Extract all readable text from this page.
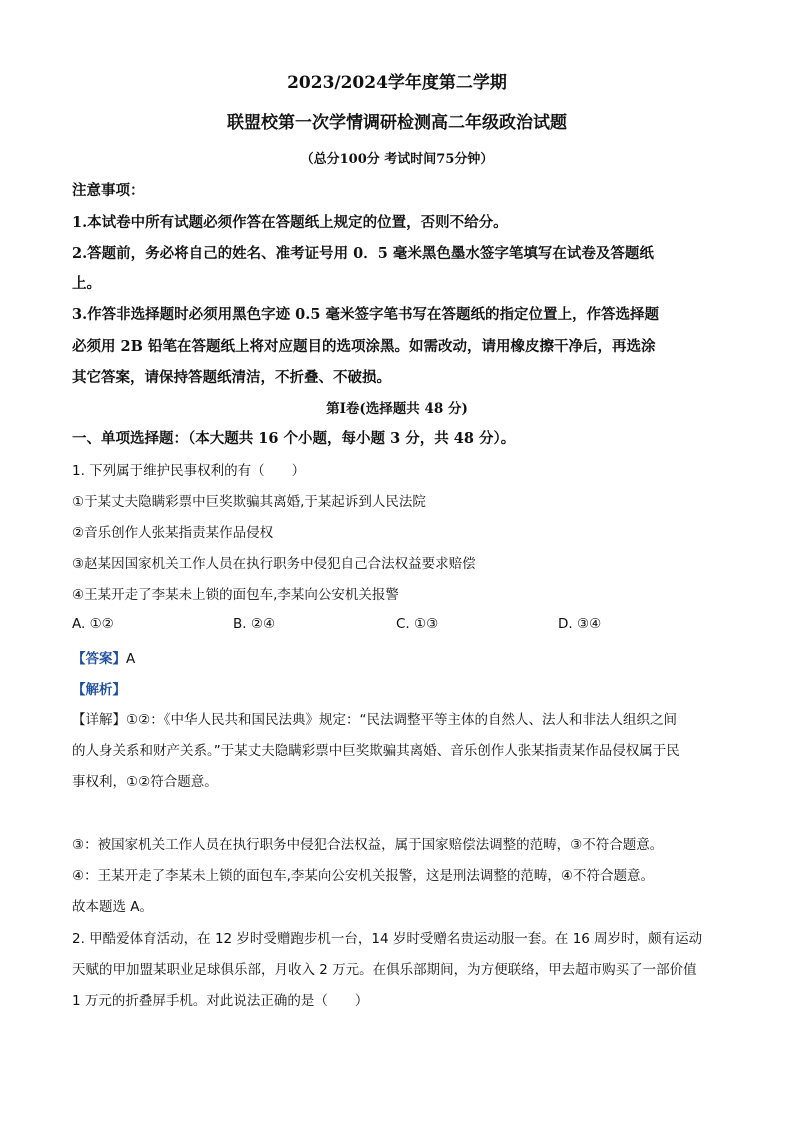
2023/2024学年度第二学期
联盟校第一次学情调研检测高二年级政治试题
（总分100分 考试时间75分钟）
注意事项：
1.本试卷中所有试题必须作答在答题纸上规定的位置，否则不给分。
2.答题前，务必将自己的姓名、准考证号用 0．5 毫米黑色墨水签字笔填写在试卷及答题纸
上。
3.作答非选择题时必须用黑色字迹 0.5 毫米签字笔书写在答题纸的指定位置上，作答选择题
必须用 2B 铅笔在答题纸上将对应题目的选项涂黑。如需改动，请用橡皮擦干净后，再选涂
其它答案，请保持答题纸清洁，不折叠、不破损。
第Ⅰ卷(选择题共 48 分)
一、单项选择题：（本大题共 16 个小题，每小题 3 分，共 48 分）。
1. 下列属于维护民事权利的有（　　）
①于某丈夫隐瞒彩票中巨奖欺骗其离婚,于某起诉到人民法院
②音乐创作人张某指责某作品侵权
③赵某因国家机关工作人员在执行职务中侵犯自己合法权益要求赔偿
④王某开走了李某未上锁的面包车,李某向公安机关报警
A. ①②	B. ②④	C. ①③	D. ③④
【答案】A
【解析】
【详解】①②：《中华人民共和国民法典》规定：“民法调整平等主体的自然人、法人和非法人组织之间
的人身关系和财产关系。”于某丈夫隐瞒彩票中巨奖欺骗其离婚、音乐创作人张某指责某作品侵权属于民
事权利，①②符合题意。
③：被国家机关工作人员在执行职务中侵犯合法权益，属于国家赔偿法调整的范畴，③不符合题意。
④：王某开走了李某未上锁的面包车,李某向公安机关报警，这是刑法调整的范畴，④不符合题意。
故本题选 A。
2. 甲酷爱体育活动，在 12 岁时受赠跑步机一台，14 岁时受赠名贵运动服一套。在 16 周岁时，颇有运动
天赋的甲加盟某职业足球俱乐部，月收入 2 万元。在俱乐部期间，为方便联络，甲去超市购买了一部价值
1 万元的折叠屏手机。对此说法正确的是（　　）
